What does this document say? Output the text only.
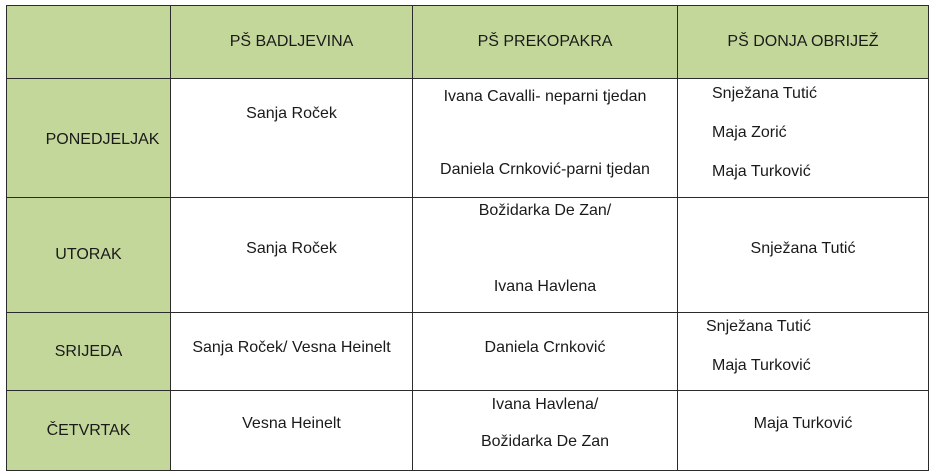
	PŠ BADLJEVINA	PŠ PREKOPAKRA	PŠ DONJA OBRIJEŽ

PONEDJELJAK	Sanja Roček	Ivana Cavalli- neparni tjedan
Daniela Crnković-parni tjedan	Snježana Tutić
Maja Zorić
Maja Turković

UTORAK	Sanja Roček	Božidarka De Zan/
Ivana Havlena	Snježana Tutić

SRIJEDA	Sanja Roček/ Vesna Heinelt	Daniela Crnković	Snježana Tutić
Maja Turković

ČETVRTAK	Vesna Heinelt	Ivana Havlena/
Božidarka De Zan	Maja Turković
